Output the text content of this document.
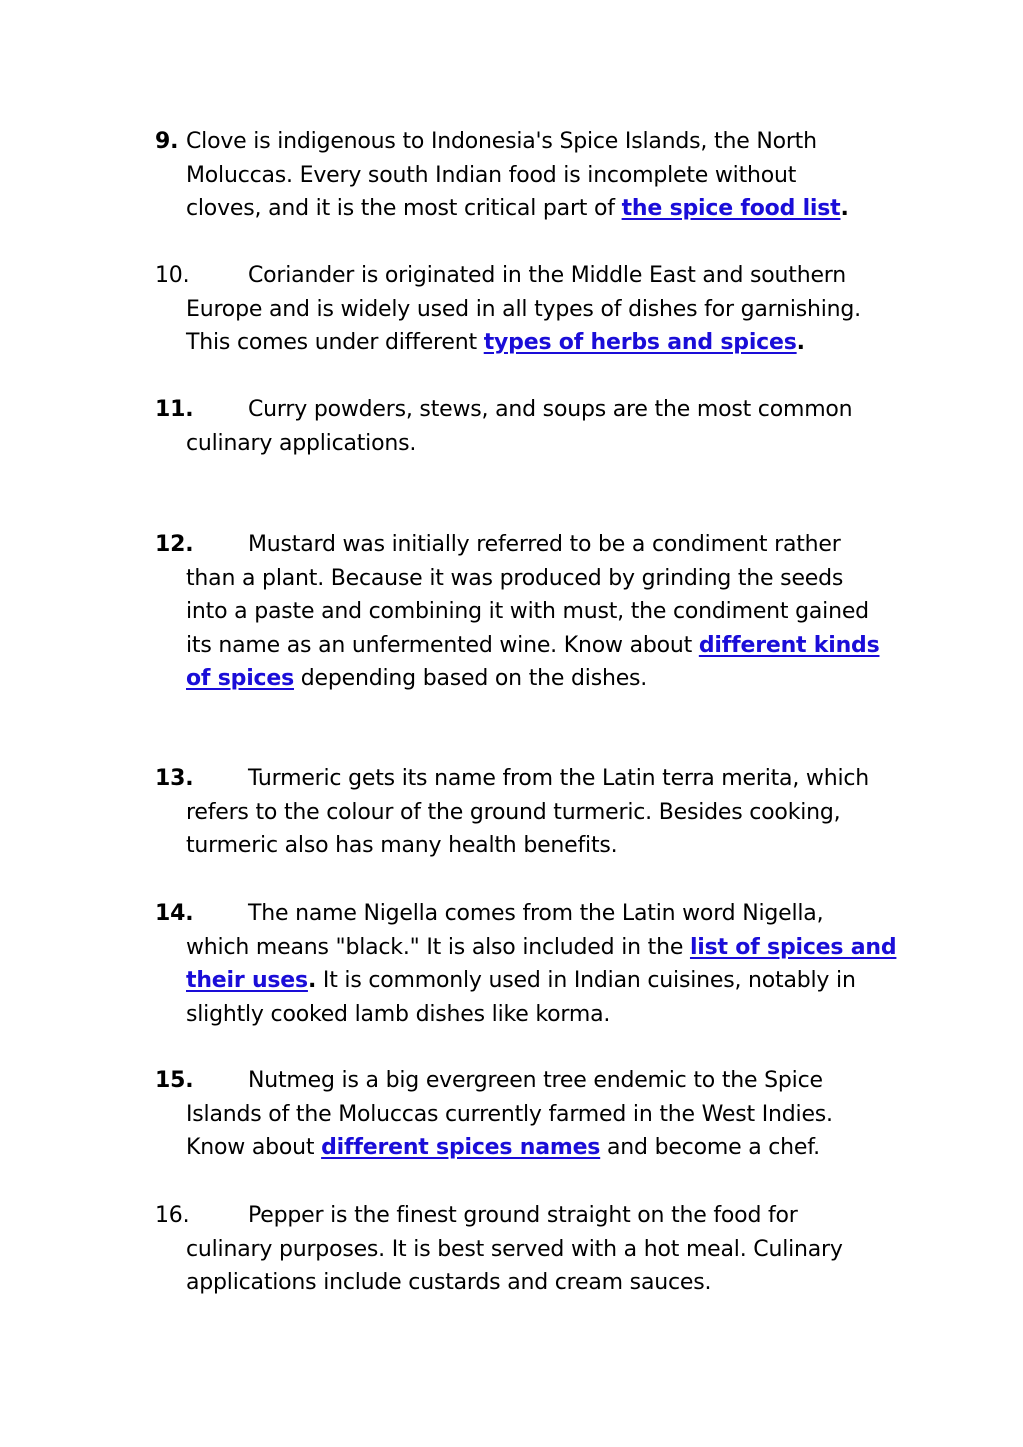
9. Clove is indigenous to Indonesia's Spice Islands, the North
Moluccas. Every south Indian food is incomplete without
cloves, and it is the most critical part of the spice food list.
10.	Coriander is originated in the Middle East and southern
Europe and is widely used in all types of dishes for garnishing.
This comes under different types of herbs and spices.
11. Curry powders, stews, and soups are the most common
culinary applications.
12. Mustard was initially referred to be a condiment rather
than a plant. Because it was produced by grinding the seeds
into a paste and combining it with must, the condiment gained
its name as an unfermented wine. Know about different kinds
of spices depending based on the dishes.
13. Turmeric gets its name from the Latin terra merita, which
refers to the colour of the ground turmeric. Besides cooking,
turmeric also has many health benefits.
14. The name Nigella comes from the Latin word Nigella,
which means "black." It is also included in the list of spices and
their uses. It is commonly used in Indian cuisines, notably in
slightly cooked lamb dishes like korma.
15. Nutmeg is a big evergreen tree endemic to the Spice
Islands of the Moluccas currently farmed in the West Indies.
Know about different spices names and become a chef.
16.	Pepper is the finest ground straight on the food for
culinary purposes. It is best served with a hot meal. Culinary
applications include custards and cream sauces.
